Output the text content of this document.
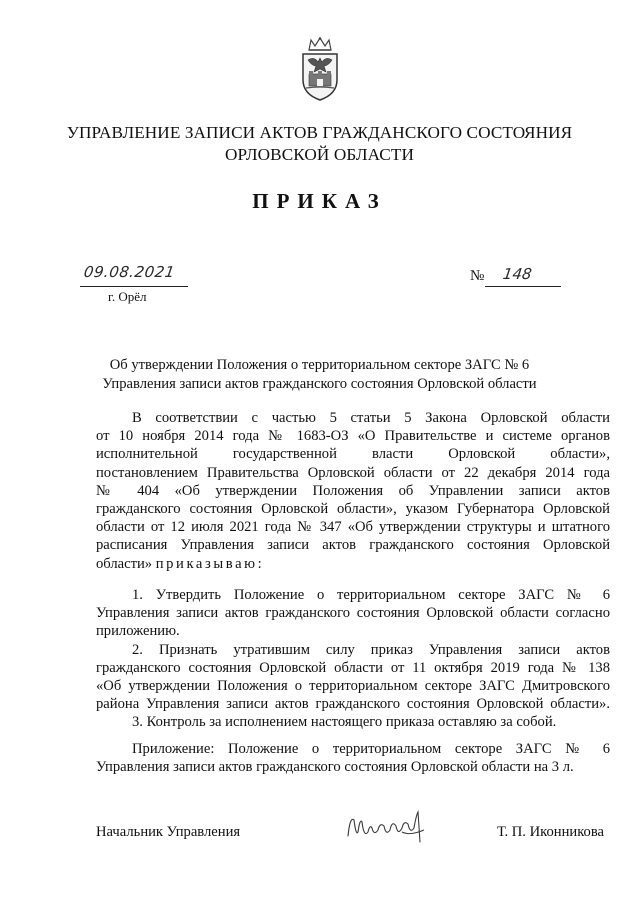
УПРАВЛЕНИЕ ЗАПИСИ АКТОВ ГРАЖДАНСКОГО СОСТОЯНИЯ
ОРЛОВСКОЙ ОБЛАСТИ
ПРИКАЗ
09.08.2021
г. Орёл
№ 148
Об утверждении Положения о территориальном секторе ЗАГС № 6
Управления записи актов гражданского состояния Орловской области
В соответствии с частью 5 статьи 5 Закона Орловской области
от 10 ноября 2014 года № 1683-ОЗ «О Правительстве и системе органов
исполнительной государственной власти Орловской области»,
постановлением Правительства Орловской области от 22 декабря 2014 года
№ 404 «Об утверждении Положения об Управлении записи актов
гражданского состояния Орловской области», указом Губернатора Орловской
области от 12 июля 2021 года № 347 «Об утверждении структуры и штатного
расписания Управления записи актов гражданского состояния Орловской
области» приказываю:
1. Утвердить Положение о территориальном секторе ЗАГС № 6
Управления записи актов гражданского состояния Орловской области согласно
приложению.
2. Признать утратившим силу приказ Управления записи актов
гражданского состояния Орловской области от 11 октября 2019 года № 138
«Об утверждении Положения о территориальном секторе ЗАГС Дмитровского
района Управления записи актов гражданского состояния Орловской области».
3. Контроль за исполнением настоящего приказа оставляю за собой.
Приложение: Положение о территориальном секторе ЗАГС № 6
Управления записи актов гражданского состояния Орловской области на 3 л.
Начальник Управления	Т. П. Иконникова
